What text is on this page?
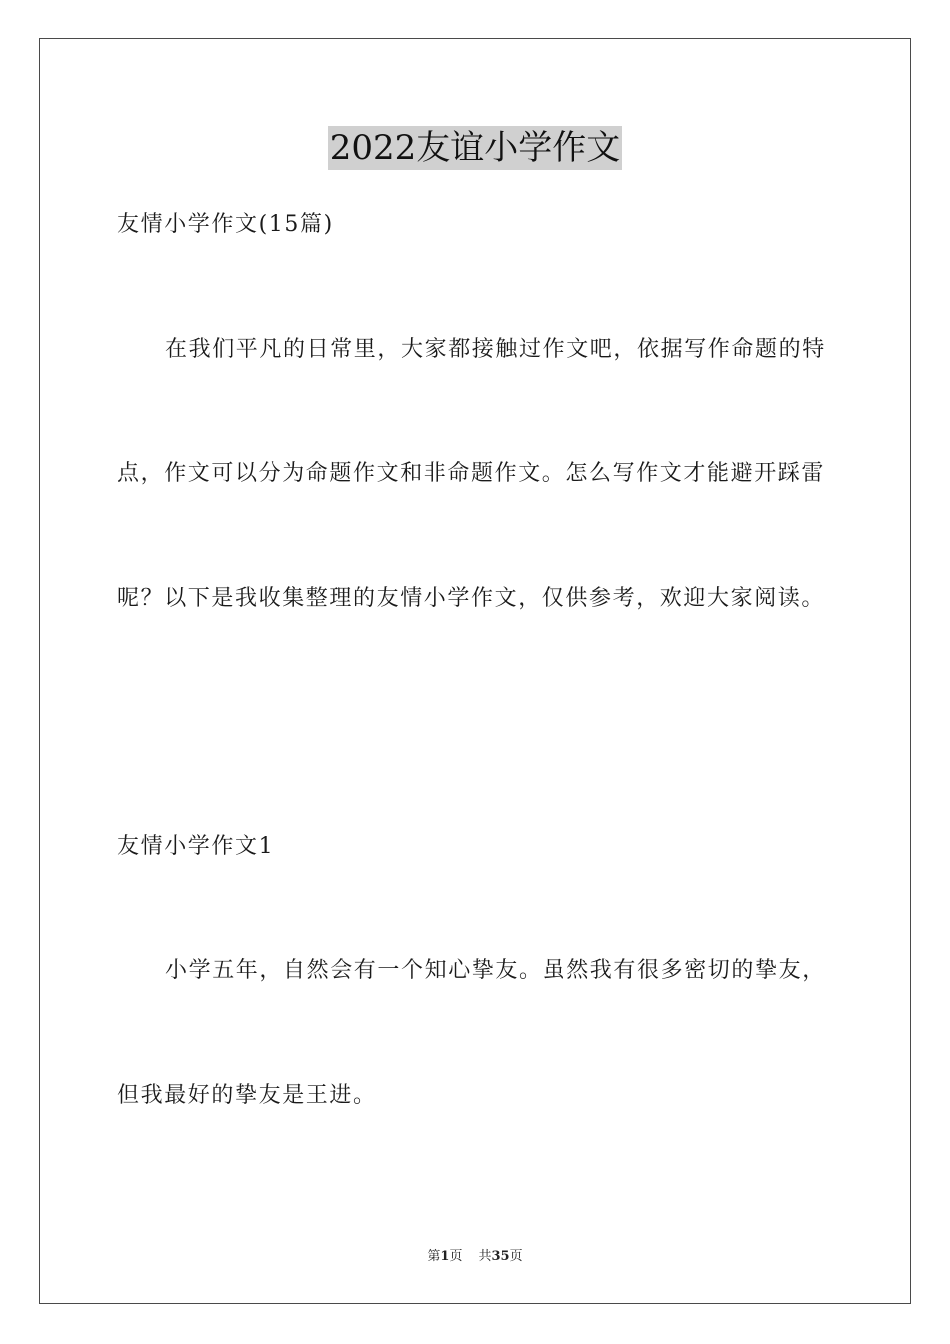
2022友谊小学作文
友情小学作文(15篇)
在我们平凡的日常里，大家都接触过作文吧，依据写作命题的特
点，作文可以分为命题作文和非命题作文。怎么写作文才能避开踩雷
呢？以下是我收集整理的友情小学作文，仅供参考，欢迎大家阅读。
友情小学作文1
小学五年，自然会有一个知心挚友。虽然我有很多密切的挚友，
但我最好的挚友是王进。
第1页 共35页
